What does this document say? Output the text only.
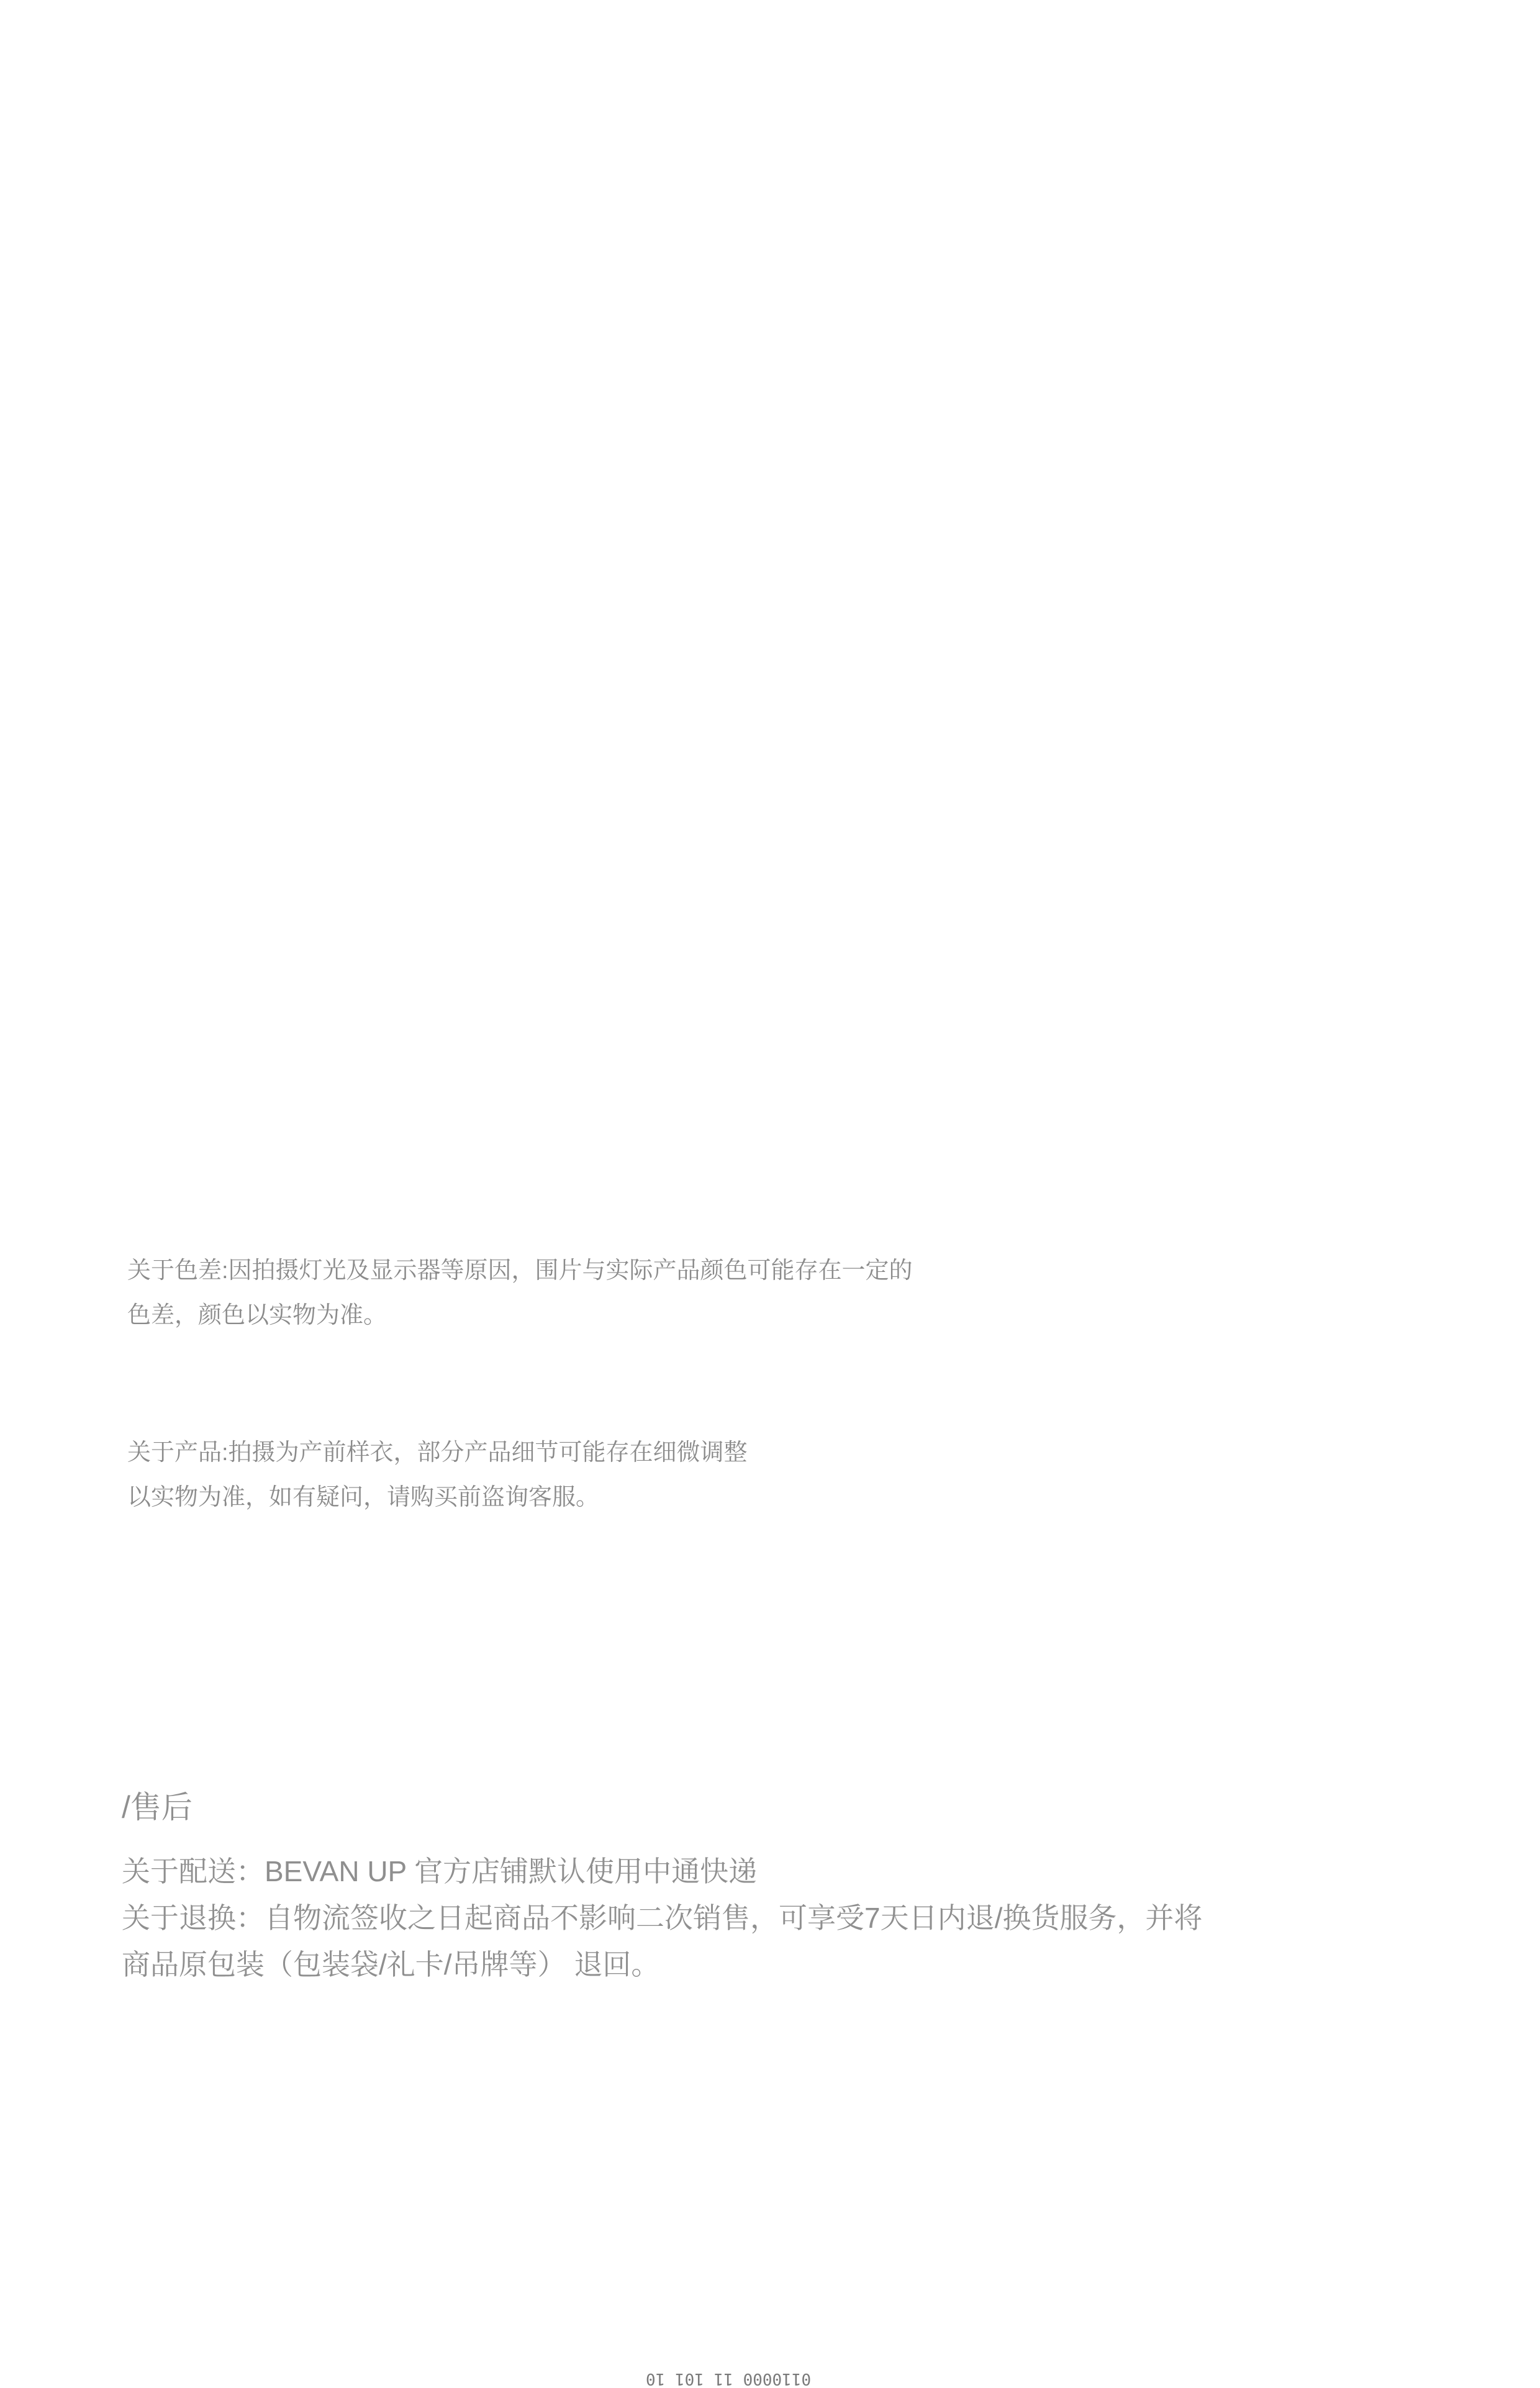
关于色差:因拍摄灯光及显示器等原因，围片与实际产品颜色可能存在一定的
色差，颜色以实物为准。
关于产品:拍摄为产前样衣，部分产品细节可能存在细微调整
以实物为准，如有疑问，请购买前盗询客服。
/售后
关于配送：BEVAN UP 官方店铺默认使用中通快递
关于退换：自物流签收之日起商品不影响二次销售，可享受7天日内退/换货服务，并将
商品原包装（包装袋/礼卡/吊牌等） 退回。
0110000 11 101 10
